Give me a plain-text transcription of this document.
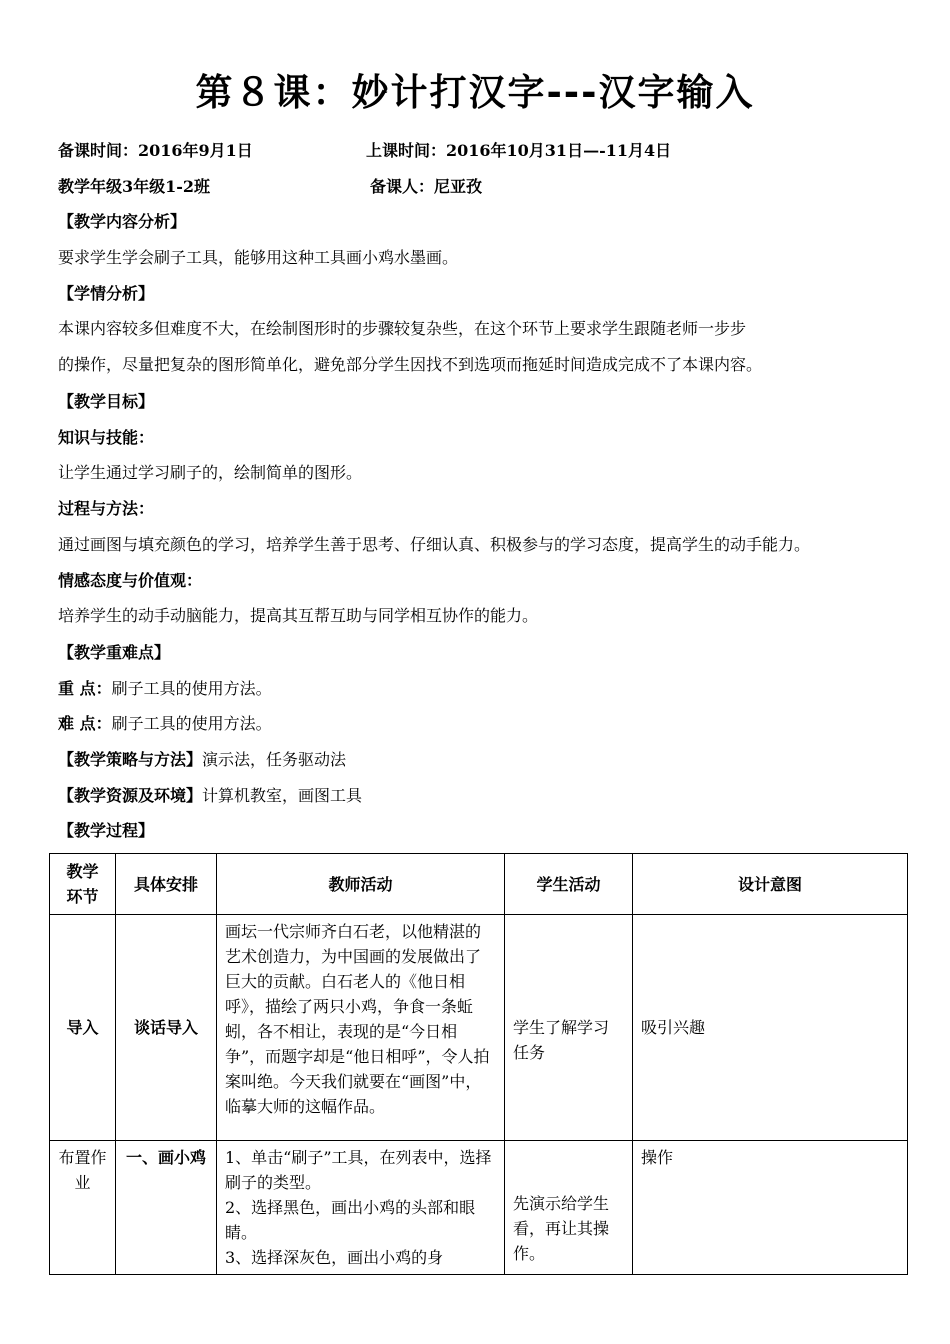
第８课：妙计打汉字---汉字输入
备课时间：2016年9月1日	上课时间：2016年10月31日—-11月4日
教学年级3年级1-2班	备课人：尼亚孜
【教学内容分析】
要求学生学会刷子工具，能够用这种工具画小鸡水墨画。
【学情分析】
本课内容较多但难度不大，在绘制图形时的步骤较复杂些，在这个环节上要求学生跟随老师一步步
的操作，尽量把复杂的图形简单化，避免部分学生因找不到选项而拖延时间造成完成不了本课内容。
【教学目标】
知识与技能：
让学生通过学习刷子的，绘制简单的图形。
过程与方法：
通过画图与填充颜色的学习，培养学生善于思考、仔细认真、积极参与的学习态度，提高学生的动手能力。
情感态度与价值观：
培养学生的动手动脑能力，提高其互帮互助与同学相互协作的能力。
【教学重难点】
重 点：刷子工具的使用方法。
难 点：刷子工具的使用方法。
【教学策略与方法】演示法，任务驱动法
【教学资源及环境】计算机教室，画图工具
【教学过程】
教学环节	具体安排	教师活动	学生活动	设计意图
导入	谈话导入	画坛一代宗师齐白石老，以他精湛的艺术创造力，为中国画的发展做出了巨大的贡献。白石老人的《他日相呼》，描绘了两只小鸡，争食一条蚯蚓，各不相让，表现的是“今日相争”，而题字却是“他日相呼”，令人拍案叫绝。今天我们就要在“画图”中，临摹大师的这幅作品。	学生了解学习任务	吸引兴趣
布置作业	一、画小鸡	1、单击“刷子”工具，在列表中，选择刷子的类型。
2、选择黑色，画出小鸡的头部和眼睛。
3、选择深灰色，画出小鸡的身	先演示给学生看，再让其操作。	操作
